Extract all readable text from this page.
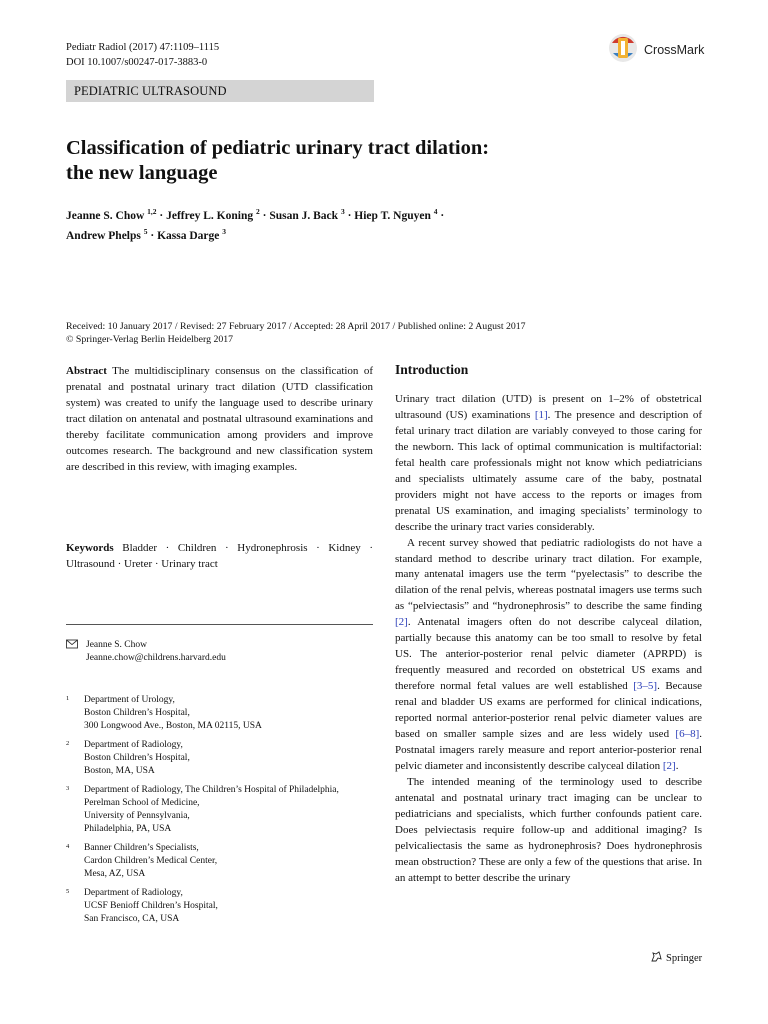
Pediatr Radiol (2017) 47:1109–1115
DOI 10.1007/s00247-017-3883-0
CrossMark
PEDIATRIC ULTRASOUND
Classification of pediatric urinary tract dilation:
the new language
Jeanne S. Chow $^{1,2}$ · Jeffrey L. Koning $^2$ · Susan J. Back $^3$ · Hiep T. Nguyen $^4$ ·
Andrew Phelps $^5$ · Kassa Darge $^3$
Received: 10 January 2017 / Revised: 27 February 2017 / Accepted: 28 April 2017 / Published online: 2 August 2017
© Springer-Verlag Berlin Heidelberg 2017
Abstract The multidisciplinary consensus on the classification of prenatal and postnatal urinary tract dilation (UTD classification system) was created to unify the language used to describe urinary tract dilation on antenatal and postnatal ultrasound examinations and thereby facilitate communication among providers and improve outcomes research. The background and new classification system are described in this review, with imaging examples.
Keywords Bladder · Children · Hydronephrosis · Kidney · Ultrasound · Ureter · Urinary tract
Jeanne S. Chow
Jeanne.chow@childrens.harvard.edu
1	Department of Urology,
Boston Children’s Hospital,
300 Longwood Ave., Boston, MA 02115, USA
2	Department of Radiology,
Boston Children’s Hospital,
Boston, MA, USA
3	Department of Radiology, The Children’s Hospital of Philadelphia,
Perelman School of Medicine,
University of Pennsylvania,
Philadelphia, PA, USA
4	Banner Children’s Specialists,
Cardon Children’s Medical Center,
Mesa, AZ, USA
5	Department of Radiology,
UCSF Benioff Children’s Hospital,
San Francisco, CA, USA
Introduction

Urinary tract dilation (UTD) is present on 1–2% of obstetrical ultrasound (US) examinations [1]. The presence and description of fetal urinary tract dilation are variably conveyed to those caring for the newborn. This lack of optimal communication is multifactorial: fetal health care professionals might not know which pediatricians and specialists ultimately assume care of the baby, postnatal providers might not have access to the reports or images from prenatal US examination, and imaging specialists’ terminology to describe the urinary tract varies considerably.

A recent survey showed that pediatric radiologists do not have a standard method to describe urinary tract dilation. For example, many antenatal imagers use the term “pyelectasis” to describe the dilation of the renal pelvis, whereas postnatal imagers use terms such as “pelviectasis” and “hydronephrosis” to describe the same finding [2]. Antenatal imagers often do not describe calyceal dilation, partially because this anatomy can be too small to resolve by fetal US. The anterior-posterior renal pelvic diameter (APRPD) is frequently measured and recorded on obstetrical US exams and therefore normal fetal values are well established [3–5]. Because renal and bladder US exams are performed for clinical indications, reported normal anterior-posterior renal pelvic diameter values are based on smaller sample sizes and are less widely used [6–8]. Postnatal imagers rarely measure and report anterior-posterior renal pelvic diameter and inconsistently describe calyceal dilation [2].

The intended meaning of the terminology used to describe antenatal and postnatal urinary tract imaging can be unclear to pediatricians and specialists, which further confounds patient care. Does pelviectasis require follow-up and additional imaging? Is pelvicaliectasis the same as hydronephrosis? Does hydronephrosis mean obstruction? These are only a few of the questions that arise. In an attempt to better describe the urinary

Springer
